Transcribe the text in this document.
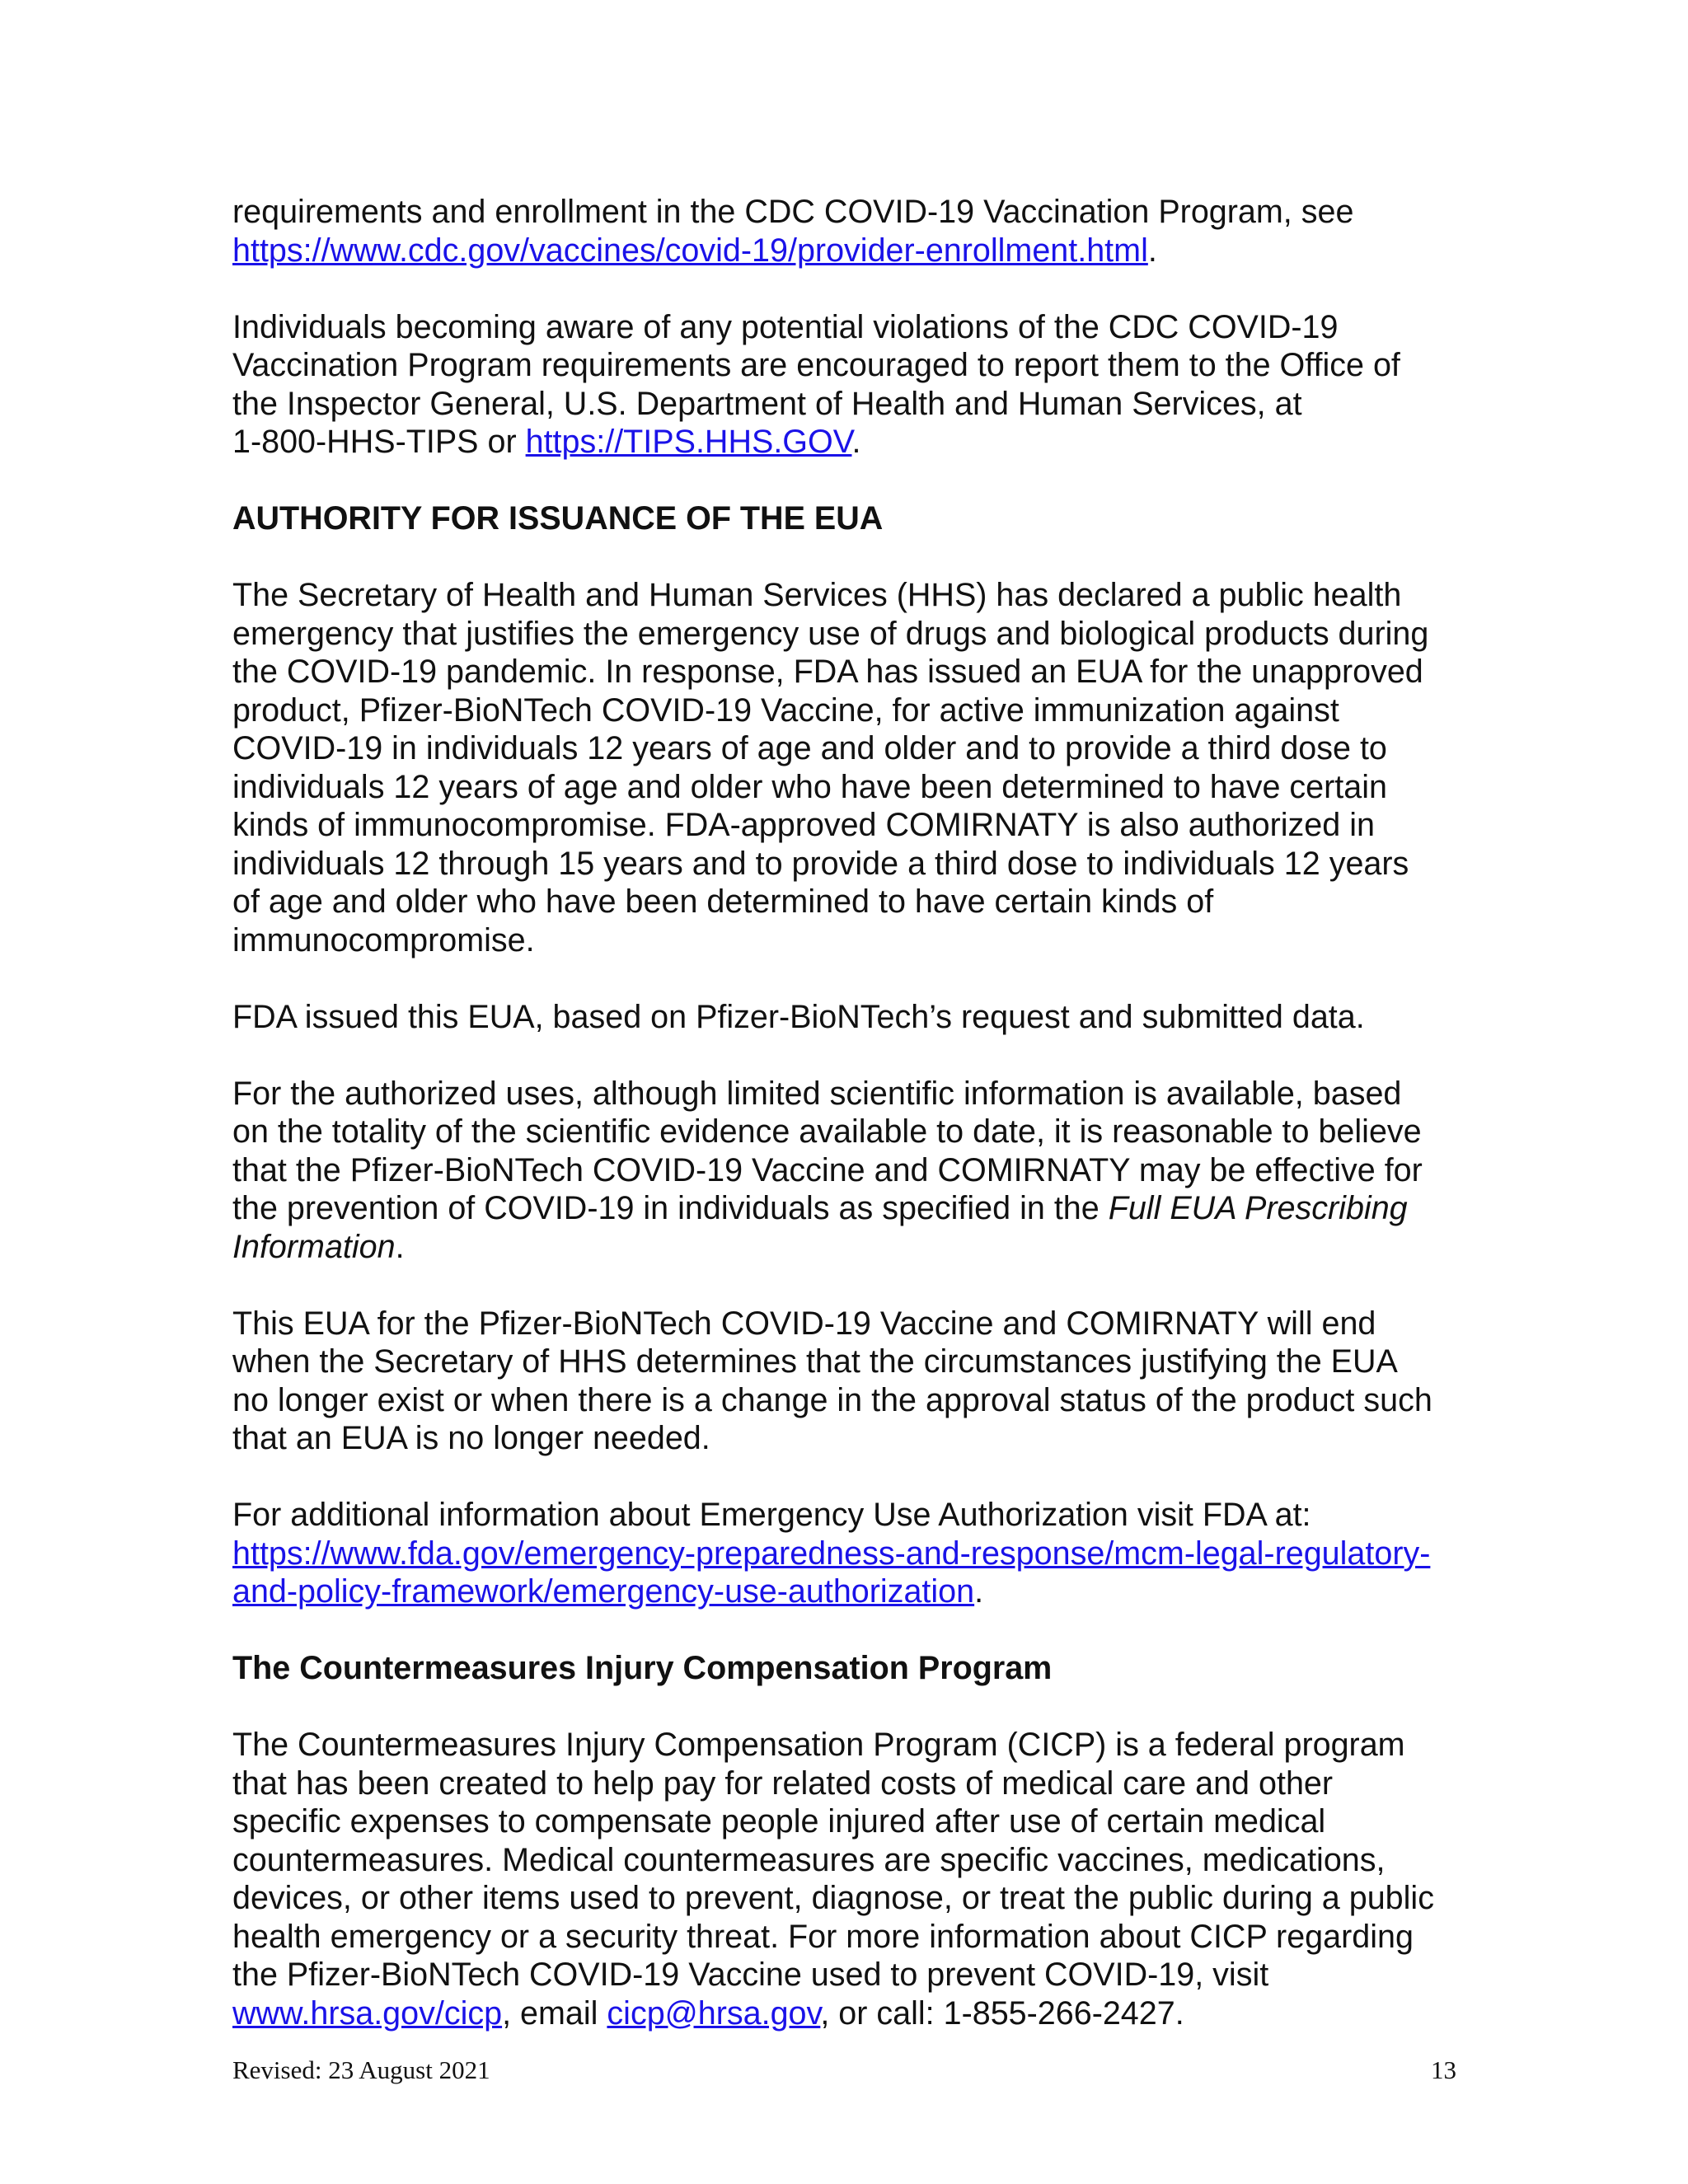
requirements and enrollment in the CDC COVID-19 Vaccination Program, see
https://www.cdc.gov/vaccines/covid-19/provider-enrollment.html.

Individuals becoming aware of any potential violations of the CDC COVID-19
Vaccination Program requirements are encouraged to report them to the Office of
the Inspector General, U.S. Department of Health and Human Services, at
1-800-HHS-TIPS or https://TIPS.HHS.GOV.

AUTHORITY FOR ISSUANCE OF THE EUA

The Secretary of Health and Human Services (HHS) has declared a public health
emergency that justifies the emergency use of drugs and biological products during
the COVID-19 pandemic. In response, FDA has issued an EUA for the unapproved
product, Pfizer-BioNTech COVID-19 Vaccine, for active immunization against
COVID-19 in individuals 12 years of age and older and to provide a third dose to
individuals 12 years of age and older who have been determined to have certain
kinds of immunocompromise. FDA-approved COMIRNATY is also authorized in
individuals 12 through 15 years and to provide a third dose to individuals 12 years
of age and older who have been determined to have certain kinds of
immunocompromise.

FDA issued this EUA, based on Pfizer-BioNTech’s request and submitted data.

For the authorized uses, although limited scientific information is available, based
on the totality of the scientific evidence available to date, it is reasonable to believe
that the Pfizer-BioNTech COVID-19 Vaccine and COMIRNATY may be effective for
the prevention of COVID-19 in individuals as specified in the Full EUA Prescribing
Information.

This EUA for the Pfizer-BioNTech COVID-19 Vaccine and COMIRNATY will end
when the Secretary of HHS determines that the circumstances justifying the EUA
no longer exist or when there is a change in the approval status of the product such
that an EUA is no longer needed.

For additional information about Emergency Use Authorization visit FDA at:
https://www.fda.gov/emergency-preparedness-and-response/mcm-legal-regulatory-
and-policy-framework/emergency-use-authorization.

The Countermeasures Injury Compensation Program

The Countermeasures Injury Compensation Program (CICP) is a federal program
that has been created to help pay for related costs of medical care and other
specific expenses to compensate people injured after use of certain medical
countermeasures. Medical countermeasures are specific vaccines, medications,
devices, or other items used to prevent, diagnose, or treat the public during a public
health emergency or a security threat. For more information about CICP regarding
the Pfizer-BioNTech COVID-19 Vaccine used to prevent COVID-19, visit
www.hrsa.gov/cicp, email cicp@hrsa.gov, or call: 1-855-266-2427.

Revised: 23 August 2021	13
